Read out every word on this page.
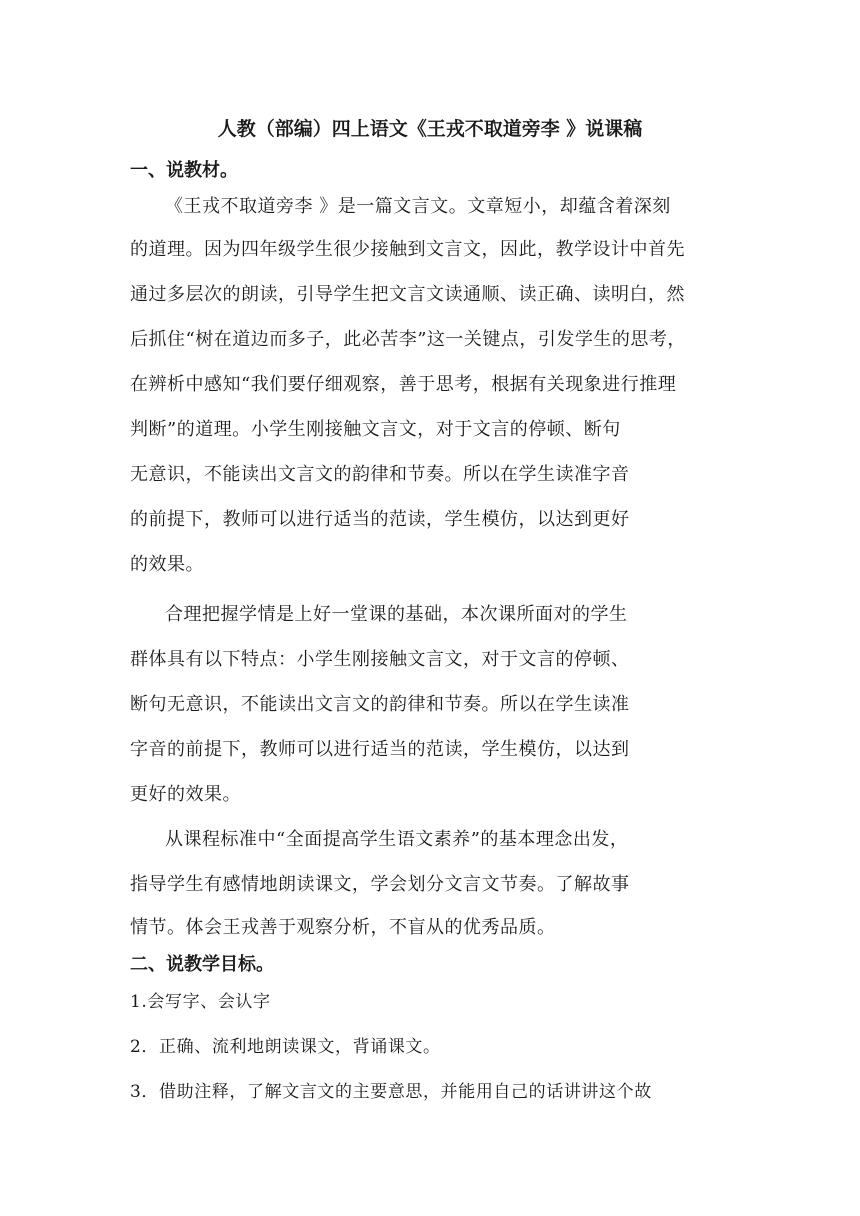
人教（部编）四上语文《王戎不取道旁李 》说课稿
一、说教材。
《王戎不取道旁李 》是一篇文言文。文章短小，却蕴含着深刻
的道理。因为四年级学生很少接触到文言文，因此，教学设计中首先
通过多层次的朗读，引导学生把文言文读通顺、读正确、读明白，然
后抓住“树在道边而多子，此必苦李”这一关键点，引发学生的思考，
在辨析中感知“我们要仔细观察，善于思考，根据有关现象进行推理
判断”的道理。小学生刚接触文言文，对于文言的停顿、断句
无意识，不能读出文言文的韵律和节奏。所以在学生读准字音
的前提下，教师可以进行适当的范读，学生模仿，以达到更好
的效果。
合理把握学情是上好一堂课的基础，本次课所面对的学生
群体具有以下特点：小学生刚接触文言文，对于文言的停顿、
断句无意识，不能读出文言文的韵律和节奏。所以在学生读准
字音的前提下，教师可以进行适当的范读，学生模仿，以达到
更好的效果。
从课程标准中“全面提高学生语文素养”的基本理念出发，
指导学生有感情地朗读课文，学会划分文言文节奏。了解故事
情节。体会王戎善于观察分析，不盲从的优秀品质。
二、说教学目标。
1.会写字、会认字
2．正确、流利地朗读课文，背诵课文。
3．借助注释，了解文言文的主要意思，并能用自己的话讲讲这个故
